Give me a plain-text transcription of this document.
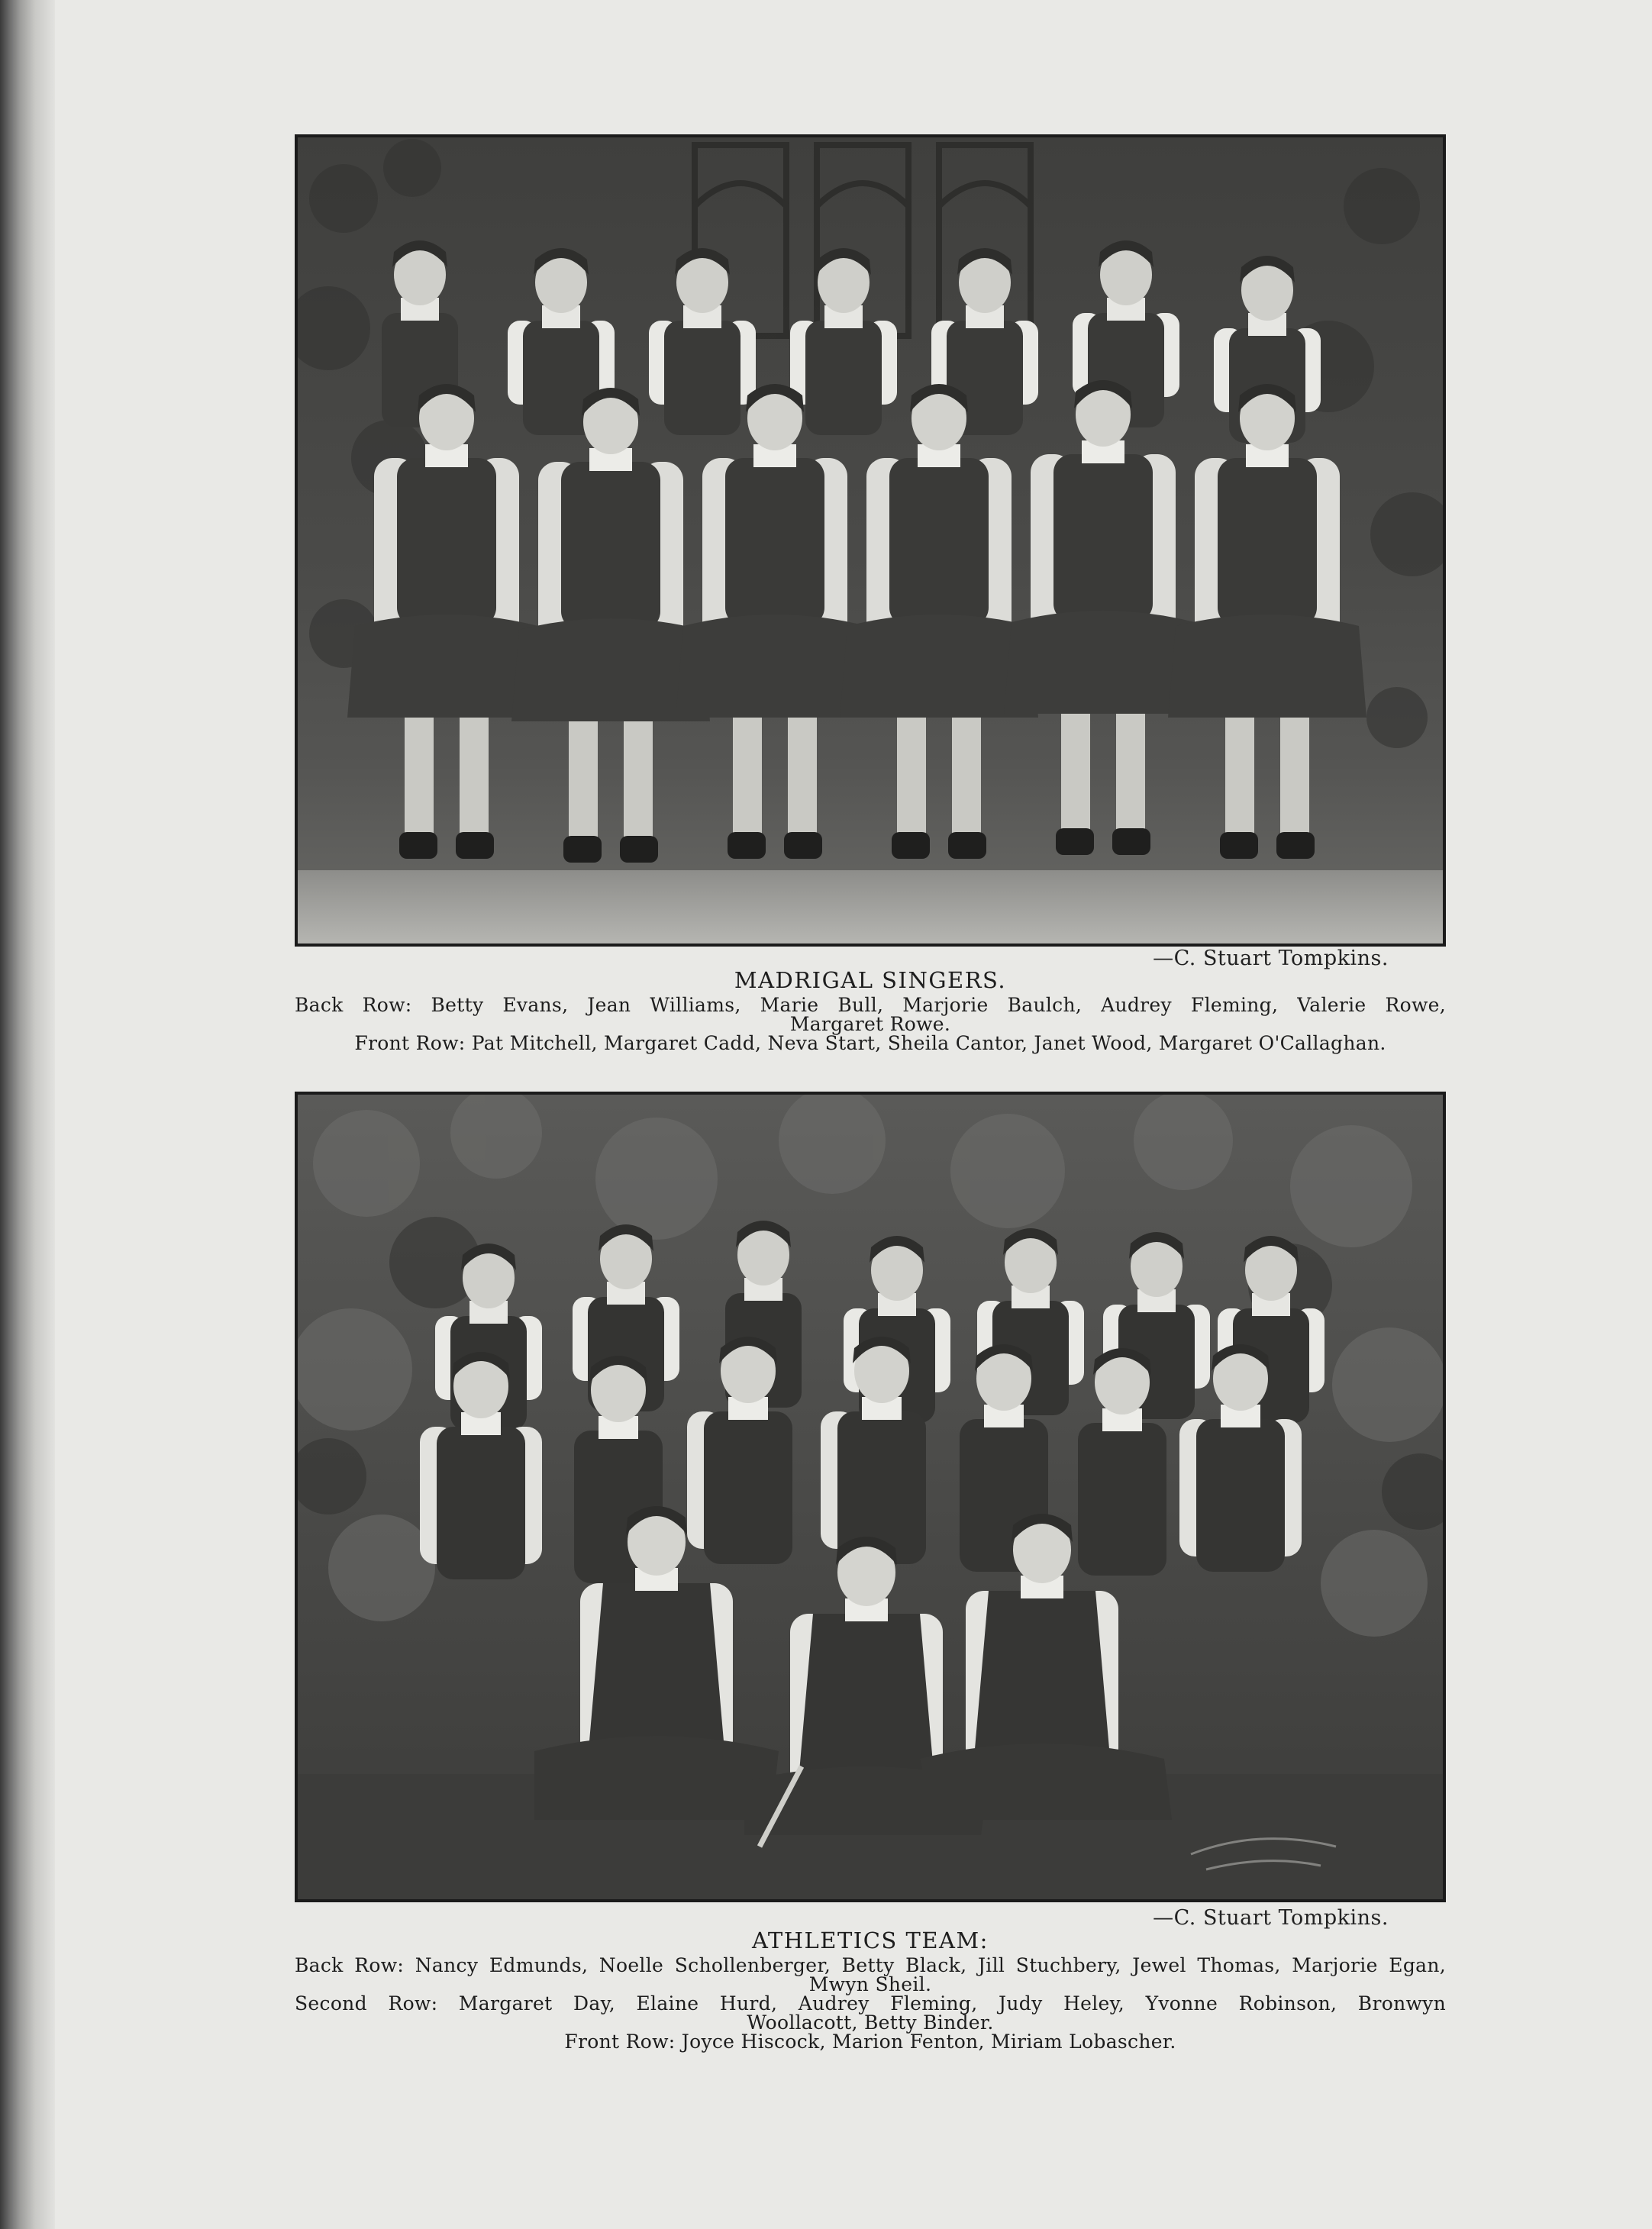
—C. Stuart Tompkins.
MADRIGAL SINGERS.
Back Row: Betty Evans, Jean Williams, Marie Bull, Marjorie Baulch, Audrey Fleming, Valerie Rowe,
Margaret Rowe.
Front Row: Pat Mitchell, Margaret Cadd, Neva Start, Sheila Cantor, Janet Wood, Margaret O'Callaghan.
—C. Stuart Tompkins.
ATHLETICS TEAM:
Back Row: Nancy Edmunds, Noelle Schollenberger, Betty Black, Jill Stuchbery, Jewel Thomas, Marjorie Egan,
Mwyn Sheil.
Second Row: Margaret Day, Elaine Hurd, Audrey Fleming, Judy Heley, Yvonne Robinson, Bronwyn
Woollacott, Betty Binder.
Front Row: Joyce Hiscock, Marion Fenton, Miriam Lobascher.
